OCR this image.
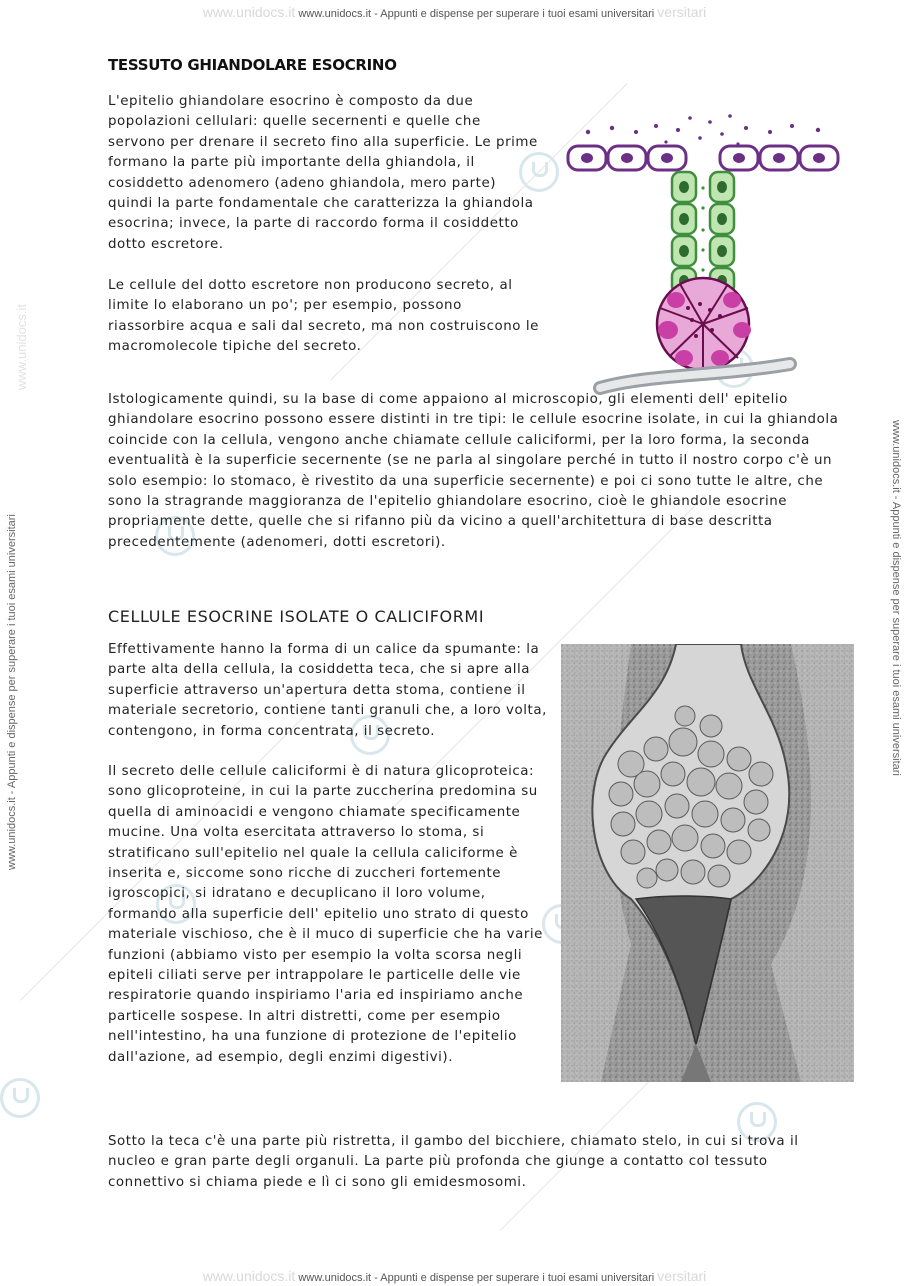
www.unidocs.it www.unidocs.it - Appunti e dispense per superare i tuoi esami universitari versitari
www.unidocs.it www.unidocs.it - Appunti e dispense per superare i tuoi esami universitari versitari
www.unidocs.it - Appunti e dispense per superare i tuoi esami universitari
www.unidocs.it
www.unidocs.it - Appunti e dispense per superare i tuoi esami universitari
TESSUTO GHIANDOLARE ESOCRINO
L'epitelio ghiandolare esocrino è composto da due popolazioni cellulari: quelle secernenti e quelle che servono per drenare il secreto fino alla superficie. Le prime formano la parte più importante della ghiandola, il cosiddetto adenomero (adeno ghiandola, mero parte) quindi la parte fondamentale che caratterizza la ghiandola esocrina; invece, la parte di raccordo forma il cosiddetto dotto escretore.
Le cellule del dotto escretore non producono secreto, al limite lo elaborano un po'; per esempio, possono riassorbire acqua e sali dal secreto, ma non costruiscono le macromolecole tipiche del secreto.
Istologicamente quindi, su la base di come appaiono al microscopio, gli elementi dell' epitelio ghiandolare esocrino possono essere distinti in tre tipi: le cellule esocrine isolate, in cui la ghiandola coincide con la cellula, vengono anche chiamate cellule caliciformi, per la loro forma, la seconda eventualità è la superficie secernente (se ne parla al singolare perché in tutto il nostro corpo c'è un solo esempio: lo stomaco, è rivestito da una superficie secernente) e poi ci sono tutte le altre, che sono la stragrande maggioranza de l'epitelio ghiandolare esocrino, cioè le ghiandole esocrine propriamente dette, quelle che si rifanno più da vicino a quell'architettura di base descritta precedentemente (adenomeri, dotti escretori).
CELLULE ESOCRINE ISOLATE O CALICIFORMI
Effettivamente hanno la forma di un calice da spumante: la parte alta della cellula, la cosiddetta teca, che si apre alla superficie attraverso un'apertura detta stoma, contiene il materiale secretorio, contiene tanti granuli che, a loro volta, contengono, in forma concentrata, il secreto.
Il secreto delle cellule caliciformi è di natura glicoproteica: sono glicoproteine, in cui la parte zuccherina predomina su quella di aminoacidi e vengono chiamate specificamente mucine. Una volta esercitata attraverso lo stoma, si stratificano sull'epitelio nel quale la cellula caliciforme è inserita e, siccome sono ricche di zuccheri fortemente igroscopici, si idratano e decuplicano il loro volume, formando alla superficie dell' epitelio uno strato di questo materiale vischioso, che è il muco di superficie che ha varie funzioni (abbiamo visto per esempio la volta scorsa negli epiteli ciliati serve per intrappolare le particelle delle vie respiratorie quando inspiriamo l'aria ed inspiriamo anche particelle sospese. In altri distretti, come per esempio nell'intestino, ha una funzione di protezione de l'epitelio dall'azione, ad esempio, degli enzimi digestivi).
Sotto la teca c'è una parte più ristretta, il gambo del bicchiere, chiamato stelo, in cui si trova il nucleo e gran parte degli organuli. La parte più profonda che giunge a contatto col tessuto connettivo si chiama piede e lì ci sono gli emidesmosomi.
